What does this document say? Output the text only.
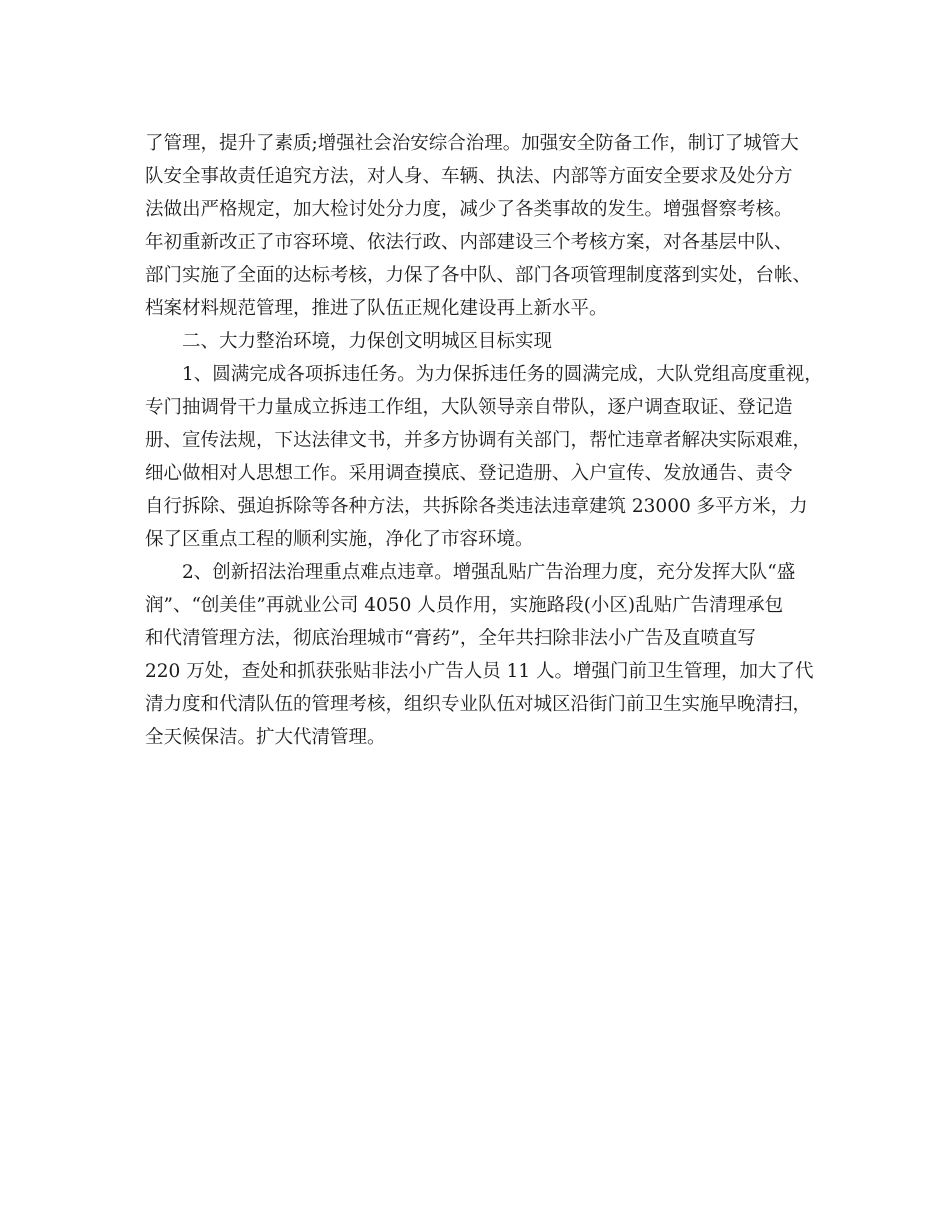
了管理，提升了素质;增强社会治安综合治理。加强安全防备工作，制订了城管大
队安全事故责任追究方法，对人身、车辆、执法、内部等方面安全要求及处分方
法做出严格规定，加大检讨处分力度，减少了各类事故的发生。增强督察考核。
年初重新改正了市容环境、依法行政、内部建设三个考核方案，对各基层中队、
部门实施了全面的达标考核，力保了各中队、部门各项管理制度落到实处，台帐、
档案材料规范管理，推进了队伍正规化建设再上新水平。
二、大力整治环境，力保创文明城区目标实现
1、圆满完成各项拆违任务。为力保拆违任务的圆满完成，大队党组高度重视，
专门抽调骨干力量成立拆违工作组，大队领导亲自带队，逐户调查取证、登记造
册、宣传法规，下达法律文书，并多方协调有关部门，帮忙违章者解决实际艰难，
细心做相对人思想工作。采用调查摸底、登记造册、入户宣传、发放通告、责令
自行拆除、强迫拆除等各种方法，共拆除各类违法违章建筑 23000 多平方米，力
保了区重点工程的顺利实施，净化了市容环境。
2、创新招法治理重点难点违章。增强乱贴广告治理力度，充分发挥大队“盛
润”、“创美佳”再就业公司 4050 人员作用，实施路段(小区)乱贴广告清理承包
和代清管理方法，彻底治理城市“膏药”，全年共扫除非法小广告及直喷直写
220 万处，查处和抓获张贴非法小广告人员 11 人。增强门前卫生管理，加大了代
清力度和代清队伍的管理考核，组织专业队伍对城区沿街门前卫生实施早晚清扫，
全天候保洁。扩大代清管理。
